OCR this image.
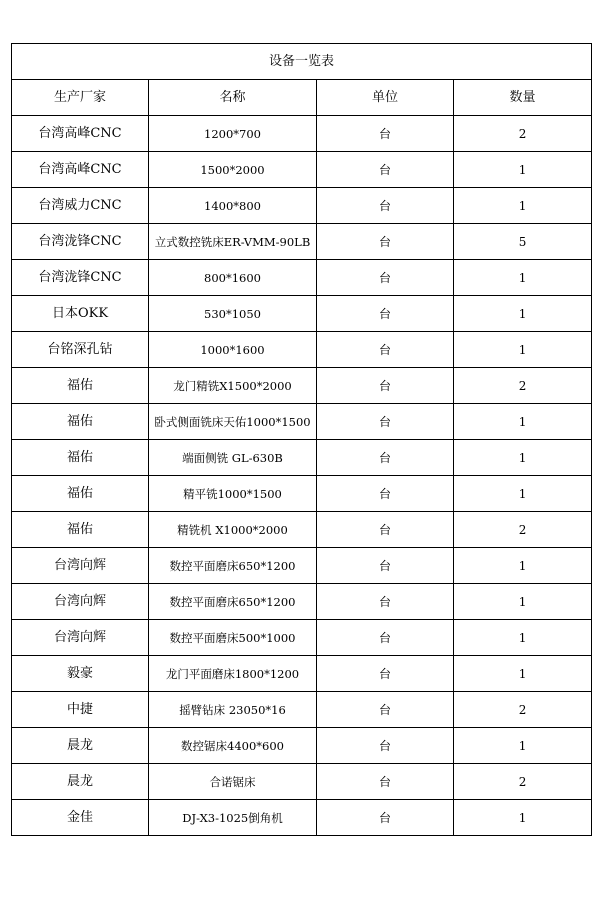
设备一览表			
生产厂家	名称	单位	数量
台湾高峰CNC	1200*700	台	2
台湾高峰CNC	1500*2000	台	1
台湾威力CNC	1400*800	台	1
台湾泷锋CNC	立式数控铣床ER-VMM-90LB	台	5
台湾泷锋CNC	800*1600	台	1
日本OKK	530*1050	台	1
台铭深孔钻	1000*1600	台	1
福佑	龙门精铣X1500*2000	台	2
福佑	卧式侧面铣床天佑1000*1500	台	1
福佑	端面侧铣 GL-630B	台	1
福佑	精平铣1000*1500	台	1
福佑	精铣机 X1000*2000	台	2
台湾向辉	数控平面磨床650*1200	台	1
台湾向辉	数控平面磨床650*1200	台	1
台湾向辉	数控平面磨床500*1000	台	1
毅豪	龙门平面磨床1800*1200	台	1
中捷	摇臂钻床 23050*16	台	2
晨龙	数控锯床4400*600	台	1
晨龙	合诺锯床	台	2
金佳	DJ-X3-1025倒角机	台	1
